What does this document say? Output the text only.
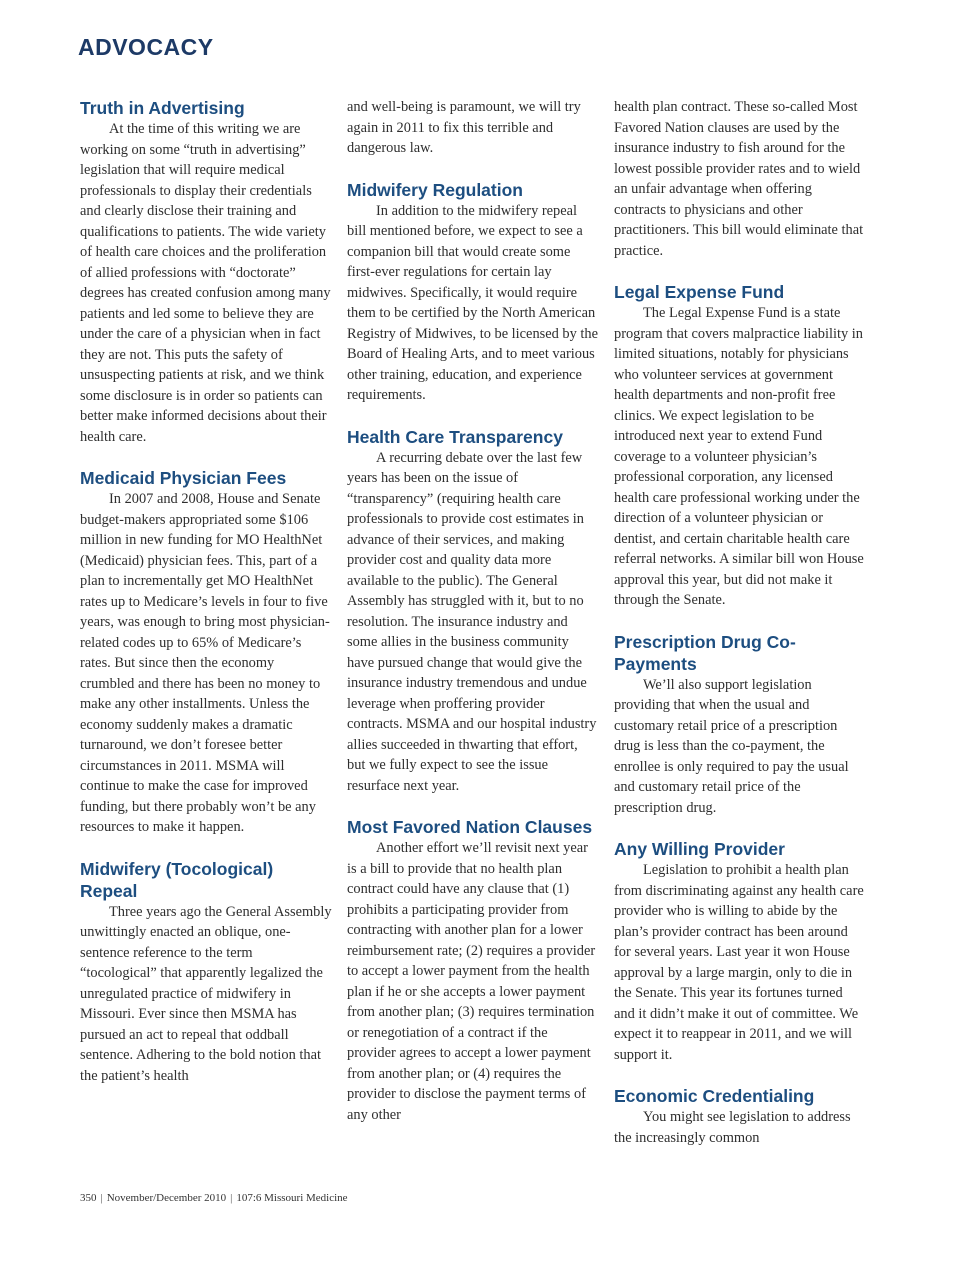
ADVOCACY
Truth in Advertising

At the time of this writing we are working on some “truth in advertising” legislation that will require medical professionals to display their credentials and clearly disclose their training and qualifications to patients. The wide variety of health care choices and the proliferation of allied professions with “doctorate” degrees has created confusion among many patients and led some to believe they are under the care of a physician when in fact they are not. This puts the safety of unsuspecting patients at risk, and we think some disclosure is in order so patients can better make informed decisions about their health care.

Medicaid Physician Fees

In 2007 and 2008, House and Senate budget-makers appropriated some $106 million in new funding for MO HealthNet (Medicaid) physician fees. This, part of a plan to incrementally get MO HealthNet rates up to Medicare’s levels in four to five years, was enough to bring most physician-related codes up to 65% of Medicare’s rates. But since then the economy crumbled and there has been no money to make any other installments. Unless the economy suddenly makes a dramatic turnaround, we don’t foresee better circumstances in 2011. MSMA will continue to make the case for improved funding, but there probably won’t be any resources to make it happen.

Midwifery (Tocological) Repeal

Three years ago the General Assembly unwittingly enacted an oblique, one-sentence reference to the term “tocological” that apparently legalized the unregulated practice of midwifery in Missouri. Ever since then MSMA has pursued an act to repeal that oddball sentence. Adhering to the bold notion that the patient’s health

and well-being is paramount, we will try again in 2011 to fix this terrible and dangerous law.

Midwifery Regulation

In addition to the midwifery repeal bill mentioned before, we expect to see a companion bill that would create some first-ever regulations for certain lay midwives. Specifically, it would require them to be certified by the North American Registry of Midwives, to be licensed by the Board of Healing Arts, and to meet various other training, education, and experience requirements.

Health Care Transparency

A recurring debate over the last few years has been on the issue of “transparency” (requiring health care professionals to provide cost estimates in advance of their services, and making provider cost and quality data more available to the public). The General Assembly has struggled with it, but to no resolution. The insurance industry and some allies in the business community have pursued change that would give the insurance industry tremendous and undue leverage when proffering provider contracts. MSMA and our hospital industry allies succeeded in thwarting that effort, but we fully expect to see the issue resurface next year.

Most Favored Nation Clauses

Another effort we’ll revisit next year is a bill to provide that no health plan contract could have any clause that (1) prohibits a participating provider from contracting with another plan for a lower reimbursement rate; (2) requires a provider to accept a lower payment from the health plan if he or she accepts a lower payment from another plan; (3) requires termination or renegotiation of a contract if the provider agrees to accept a lower payment from another plan; or (4) requires the provider to disclose the payment terms of any other

health plan contract. These so-called Most Favored Nation clauses are used by the insurance industry to fish around for the lowest possible provider rates and to wield an unfair advantage when offering contracts to physicians and other practitioners. This bill would eliminate that practice.

Legal Expense Fund

The Legal Expense Fund is a state program that covers malpractice liability in limited situations, notably for physicians who volunteer services at government health departments and non-profit free clinics. We expect legislation to be introduced next year to extend Fund coverage to a volunteer physician’s professional corporation, any licensed health care professional working under the direction of a volunteer physician or dentist, and certain charitable health care referral networks. A similar bill won House approval this year, but did not make it through the Senate.

Prescription Drug Co-Payments

We’ll also support legislation providing that when the usual and customary retail price of a prescription drug is less than the co-payment, the enrollee is only required to pay the usual and customary retail price of the prescription drug.

Any Willing Provider

Legislation to prohibit a health plan from discriminating against any health care provider who is willing to abide by the plan’s provider contract has been around for several years. Last year it won House approval by a large margin, only to die in the Senate. This year its fortunes turned and it didn’t make it out of committee. We expect it to reappear in 2011, and we will support it.

Economic Credentialing

You might see legislation to address the increasingly common

350 | November/December 2010 | 107:6 Missouri Medicine
